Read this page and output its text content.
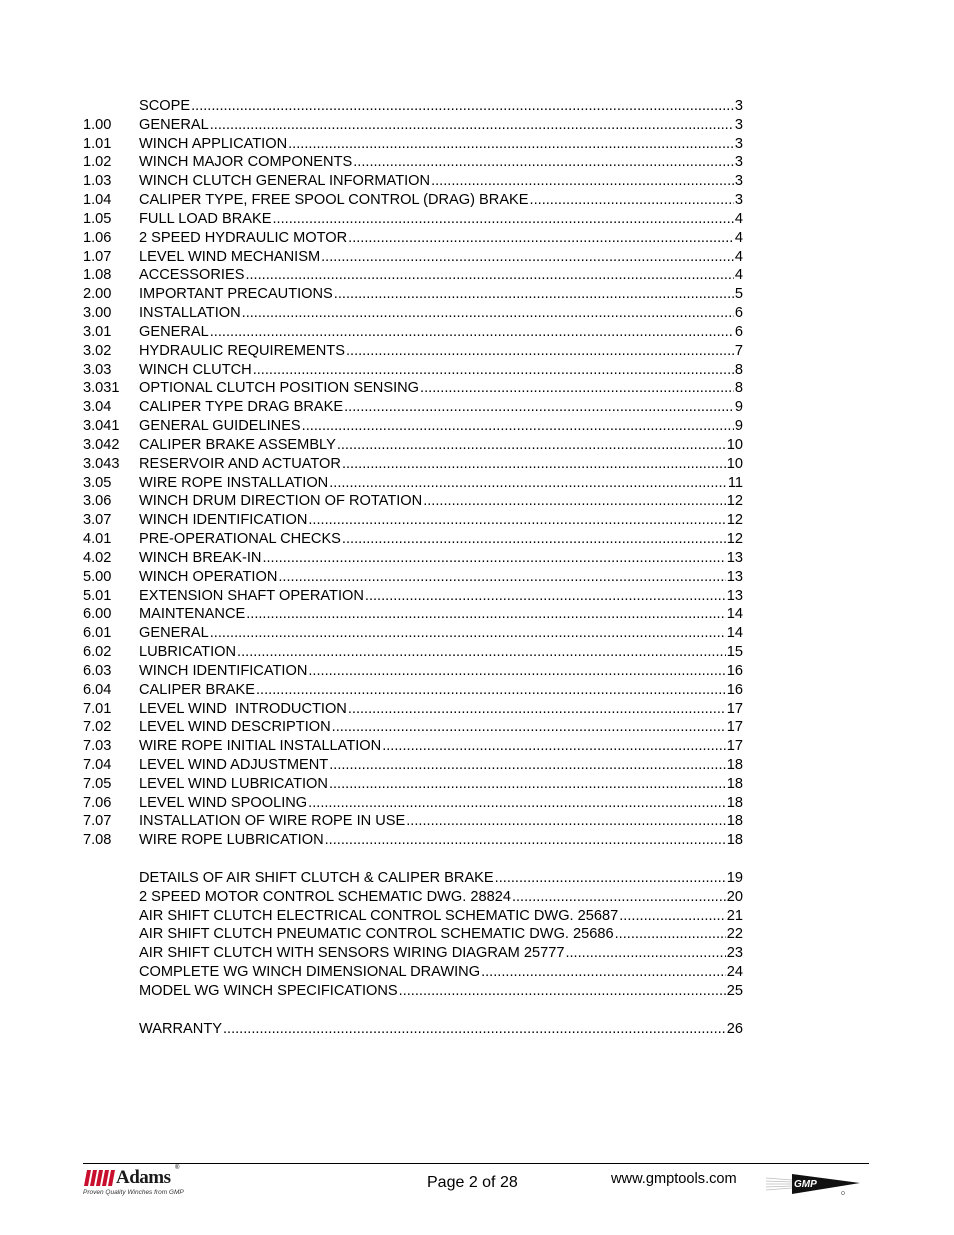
SCOPE .....	3
1.00	GENERAL .....	3
1.01	WINCH APPLICATION .....	3
1.02	WINCH MAJOR COMPONENTS .....	3
1.03	WINCH CLUTCH GENERAL INFORMATION .....	3
1.04	CALIPER TYPE, FREE SPOOL CONTROL (DRAG) BRAKE .....	3
1.05	FULL LOAD BRAKE .....	4
1.06	2 SPEED HYDRAULIC MOTOR .....	4
1.07	LEVEL WIND MECHANISM .....	4
1.08	ACCESSORIES .....	4
2.00	IMPORTANT PRECAUTIONS .....	5
3.00	INSTALLATION .....	6
3.01	GENERAL .....	6
3.02	HYDRAULIC REQUIREMENTS .....	7
3.03	WINCH CLUTCH .....	8
3.031	OPTIONAL CLUTCH POSITION SENSING .....	8
3.04	CALIPER TYPE DRAG BRAKE .....	9
3.041	GENERAL GUIDELINES .....	9
3.042	CALIPER BRAKE ASSEMBLY .....	10
3.043	RESERVOIR AND ACTUATOR .....	10
3.05	WIRE ROPE INSTALLATION .....	11
3.06	WINCH DRUM DIRECTION OF ROTATION .....	12
3.07	WINCH IDENTIFICATION .....	12
4.01	PRE-OPERATIONAL CHECKS .....	12
4.02	WINCH BREAK-IN .....	13
5.00	WINCH OPERATION .....	13
5.01	EXTENSION SHAFT OPERATION .....	13
6.00	MAINTENANCE .....	14
6.01	GENERAL .....	14
6.02	LUBRICATION .....	15
6.03	WINCH IDENTIFICATION .....	16
6.04	CALIPER BRAKE .....	16
7.01	LEVEL WIND  INTRODUCTION .....	17
7.02	LEVEL WIND DESCRIPTION .....	17
7.03	WIRE ROPE INITIAL INSTALLATION .....	17
7.04	LEVEL WIND ADJUSTMENT .....	18
7.05	LEVEL WIND LUBRICATION .....	18
7.06	LEVEL WIND SPOOLING .....	18
7.07	INSTALLATION OF WIRE ROPE IN USE .....	18
7.08	WIRE ROPE LUBRICATION .....	18
DETAILS OF AIR SHIFT CLUTCH & CALIPER BRAKE .....	19
2 SPEED MOTOR CONTROL SCHEMATIC DWG. 28824 .....	20
AIR SHIFT CLUTCH ELECTRICAL CONTROL SCHEMATIC DWG. 25687 .....	21
AIR SHIFT CLUTCH PNEUMATIC CONTROL SCHEMATIC DWG. 25686 .....	22
AIR SHIFT CLUTCH WITH SENSORS WIRING DIAGRAM 25777 .....	23
COMPLETE WG WINCH DIMENSIONAL DRAWING .....	24
MODEL WG WINCH SPECIFICATIONS .....	25
WARRANTY .....	26
Adams ®
Proven Quality Winches from GMP
Page 2 of 28	www.gmptools.com	GMP
